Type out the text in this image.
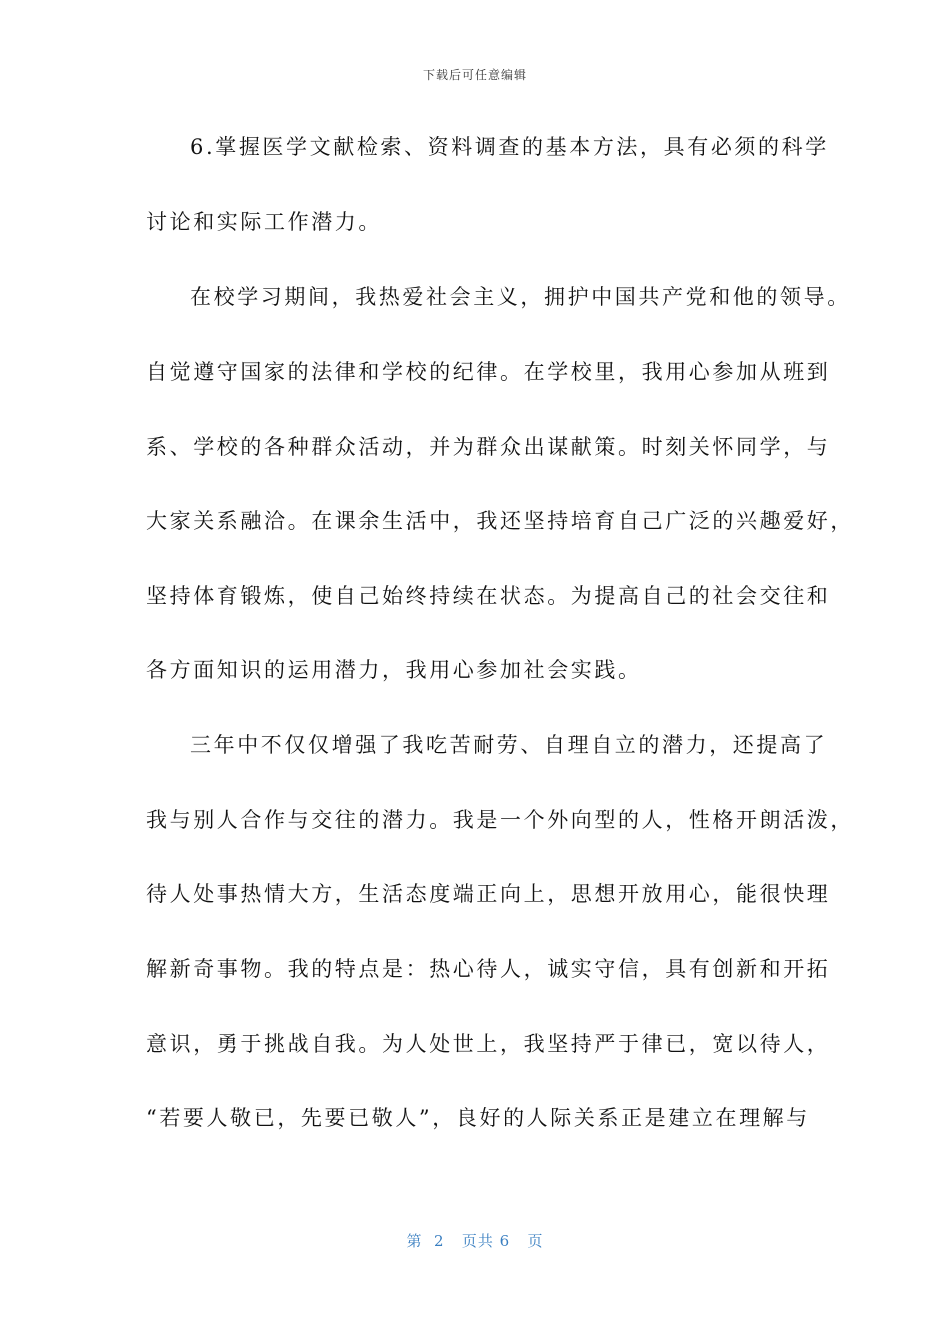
下载后可任意编辑
6.掌握医学文献检索、资料调查的基本方法，具有必须的科学
讨论和实际工作潜力。
在校学习期间，我热爱社会主义，拥护中国共产党和他的领导。
自觉遵守国家的法律和学校的纪律。在学校里，我用心参加从班到
系、学校的各种群众活动，并为群众出谋献策。时刻关怀同学，与
大家关系融洽。在课余生活中，我还坚持培育自己广泛的兴趣爱好，
坚持体育锻炼，使自己始终持续在状态。为提高自己的社会交往和
各方面知识的运用潜力，我用心参加社会实践。
三年中不仅仅增强了我吃苦耐劳、自理自立的潜力，还提高了
我与别人合作与交往的潜力。我是一个外向型的人，性格开朗活泼，
待人处事热情大方，生活态度端正向上，思想开放用心，能很快理
解新奇事物。我的特点是：热心待人，诚实守信，具有创新和开拓
意识，勇于挑战自我。为人处世上，我坚持严于律已，宽以待人，
“若要人敬已，先要已敬人”，良好的人际关系正是建立在理解与
第  2   页共 6   页
